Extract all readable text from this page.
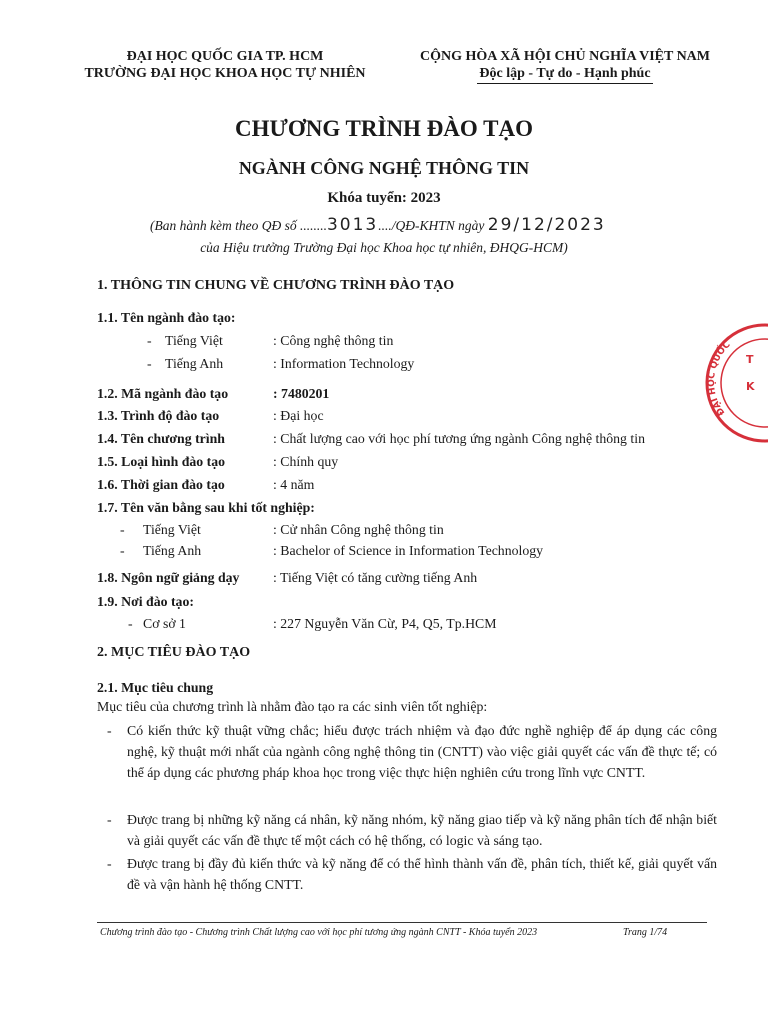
ĐẠI HỌC QUỐC GIA TP. HCM
TRƯỜNG ĐẠI HỌC KHOA HỌC TỰ NHIÊN
CỘNG HÒA XÃ HỘI CHỦ NGHĨA VIỆT NAM
Độc lập - Tự do - Hạnh phúc
CHƯƠNG TRÌNH ĐÀO TẠO
NGÀNH CÔNG NGHỆ THÔNG TIN
Khóa tuyển: 2023
(Ban hành kèm theo QĐ số ........3013..../QĐ-KHTN ngày 29/12/2023
của Hiệu trưởng Trường Đại học Khoa học tự nhiên, ĐHQG-HCM)
ĐẠI HỌC QUỐC
T
K
1. THÔNG TIN CHUNG VỀ CHƯƠNG TRÌNH ĐÀO TẠO
1.1. Tên ngành đào tạo:
- Tiếng Việt	: Công nghệ thông tin
- Tiếng Anh	: Information Technology
1.2. Mã ngành đào tạo	: 7480201
1.3. Trình độ đào tạo	: Đại học
1.4. Tên chương trình	: Chất lượng cao với học phí tương ứng ngành Công nghệ thông tin
1.5. Loại hình đào tạo	: Chính quy
1.6. Thời gian đào tạo	: 4 năm
1.7. Tên văn bằng sau khi tốt nghiệp:
- Tiếng Việt	: Cử nhân Công nghệ thông tin
- Tiếng Anh	: Bachelor of Science in Information Technology
1.8. Ngôn ngữ giảng dạy : Tiếng Việt có tăng cường tiếng Anh
1.9. Nơi đào tạo:
- Cơ sở 1	: 227 Nguyễn Văn Cừ, P4, Q5, Tp.HCM
2. MỤC TIÊU ĐÀO TẠO
2.1. Mục tiêu chung
Mục tiêu của chương trình là nhằm đào tạo ra các sinh viên tốt nghiệp:
- Có kiến thức kỹ thuật vững chắc; hiểu được trách nhiệm và đạo đức nghề nghiệp để áp dụng các công nghệ, kỹ thuật mới nhất của ngành công nghệ thông tin (CNTT) vào việc giải quyết các vấn đề thực tế; có thể áp dụng các phương pháp khoa học trong việc thực hiện nghiên cứu trong lĩnh vực CNTT.
- Được trang bị những kỹ năng cá nhân, kỹ năng nhóm, kỹ năng giao tiếp và kỹ năng phân tích để nhận biết và giải quyết các vấn đề thực tế một cách có hệ thống, có logic và sáng tạo.
- Được trang bị đầy đủ kiến thức và kỹ năng để có thể hình thành vấn đề, phân tích, thiết kế, giải quyết vấn đề và vận hành hệ thống CNTT.
Chương trình đào tạo - Chương trình Chất lượng cao với học phí tương ứng ngành CNTT - Khóa tuyển 2023	Trang 1/74
